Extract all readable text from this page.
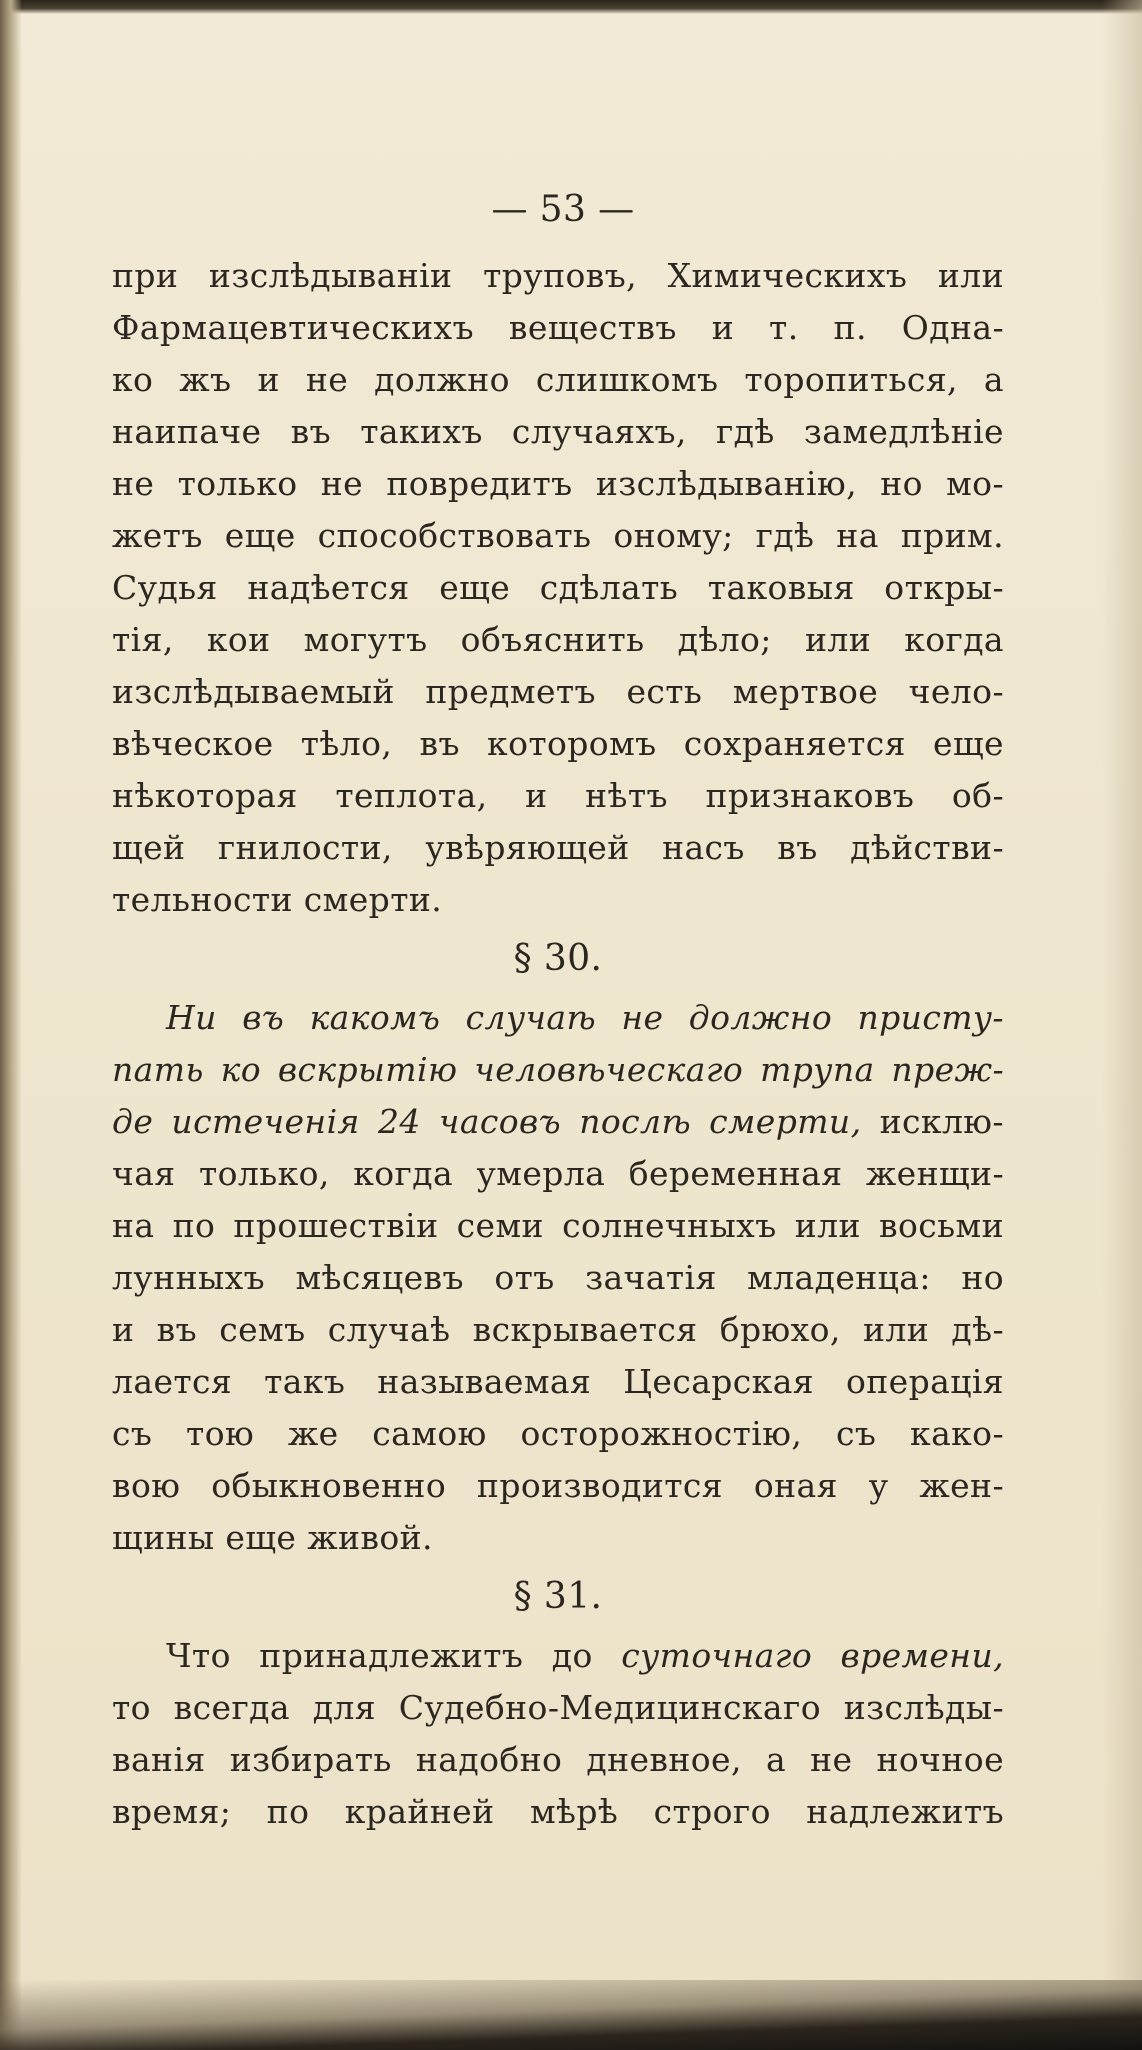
— 53 —
при изслѣдываніи труповъ, Химическихъ или
Фармацевтическихъ веществъ и т. п. Одна-
ко жъ и не должно слишкомъ торопиться, а
наипаче въ такихъ случаяхъ, гдѣ замедлѣніе
не только не повредитъ изслѣдыванію, но мо-
жетъ еще способствовать оному; гдѣ на прим.
Судья надѣется еще сдѣлать таковыя откры-
тія, кои могутъ объяснить дѣло; или когда
изслѣдываемый предметъ есть мертвое чело-
вѣческое тѣло, въ которомъ сохраняется еще
нѣкоторая теплота, и нѣтъ признаковъ об-
щей гнилости, увѣряющей насъ въ дѣйстви-
тельности смерти.
§ 30.
Ни въ какомъ случаѣ не должно присту-
пать ко вскрытію человѣческаго трупа преж-
де истеченія 24 часовъ послѣ смерти, исклю-
чая только, когда умерла беременная женщи-
на по прошествіи семи солнечныхъ или восьми
лунныхъ мѣсяцевъ отъ зачатія младенца: но
и въ семъ случаѣ вскрывается брюхо, или дѣ-
лается такъ называемая Цесарская операція
съ тою же самою осторожностію, съ како-
вою обыкновенно производится оная у жен-
щины еще живой.
§ 31.
Что принадлежитъ до суточнаго времени,
то всегда для Судебно-Медицинскаго изслѣды-
ванія избирать надобно дневное, а не ночное
время; по крайней мѣрѣ строго надлежитъ
